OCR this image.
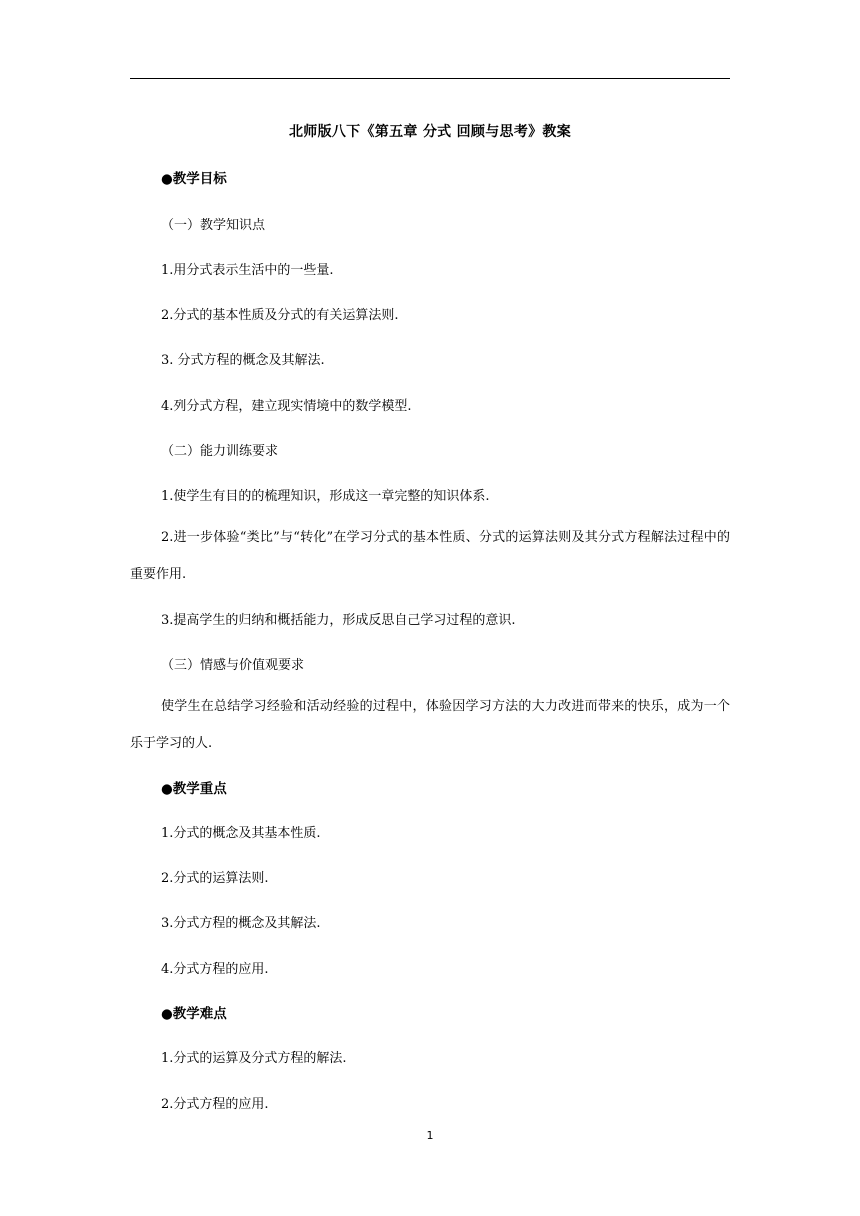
北师版八下《第五章 分式 回顾与思考》教案
●教学目标
（一）教学知识点
1.用分式表示生活中的一些量.
2.分式的基本性质及分式的有关运算法则.
3. 分式方程的概念及其解法.
4.列分式方程，建立现实情境中的数学模型.
（二）能力训练要求
1.使学生有目的的梳理知识，形成这一章完整的知识体系.
2.进一步体验“类比”与“转化”在学习分式的基本性质、分式的运算法则及其分式方程解法过程中的重要作用.
3.提高学生的归纳和概括能力，形成反思自己学习过程的意识.
（三）情感与价值观要求
使学生在总结学习经验和活动经验的过程中，体验因学习方法的大力改进而带来的快乐，成为一个乐于学习的人.
●教学重点
1.分式的概念及其基本性质.
2.分式的运算法则.
3.分式方程的概念及其解法.
4.分式方程的应用.
●教学难点
1.分式的运算及分式方程的解法.
2.分式方程的应用.
1
